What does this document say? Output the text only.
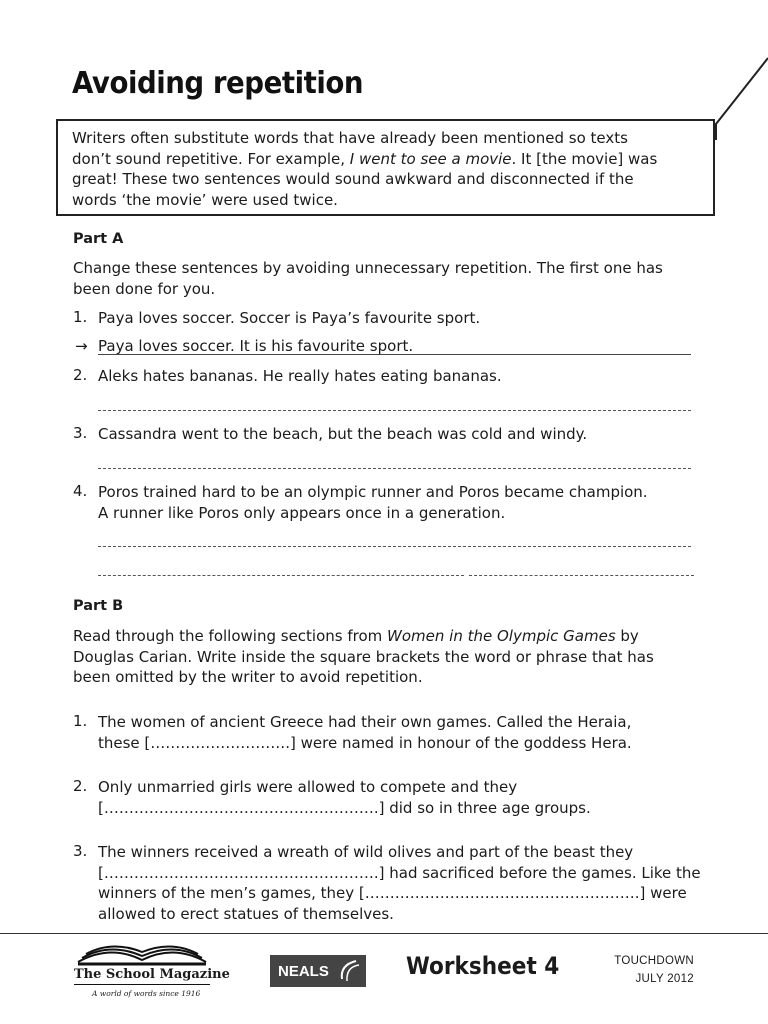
Avoiding repetition
Writers often substitute words that have already been mentioned so texts
don’t sound repetitive. For example, I went to see a movie. It [the movie] was
great! These two sentences would sound awkward and disconnected if the
words ‘the movie’ were used twice.
Part A
Change these sentences by avoiding unnecessary repetition. The first one has
been done for you.
1. Paya loves soccer. Soccer is Paya’s favourite sport.
→ Paya loves soccer. It is his favourite sport.
2. Aleks hates bananas. He really hates eating bananas.
3. Cassandra went to the beach, but the beach was cold and windy.
4. Poros trained hard to be an olympic runner and Poros became champion.
A runner like Poros only appears once in a generation.
Part B
Read through the following sections from Women in the Olympic Games by
Douglas Carian. Write inside the square brackets the word or phrase that has
been omitted by the writer to avoid repetition.
1. The women of ancient Greece had their own games. Called the Heraia,
these [……………………….] were named in honour of the goddess Hera.
2. Only unmarried girls were allowed to compete and they
[……………………………………………….] did so in three age groups.
3. The winners received a wreath of wild olives and part of the beast they
[……………………………………………….] had sacrificed before the games. Like the
winners of the men’s games, they [……………………………………………….] were
allowed to erect statues of themselves.
The School Magazine
A world of words since 1916
NEALS	Worksheet 4	TOUCHDOWN
JULY 2012
